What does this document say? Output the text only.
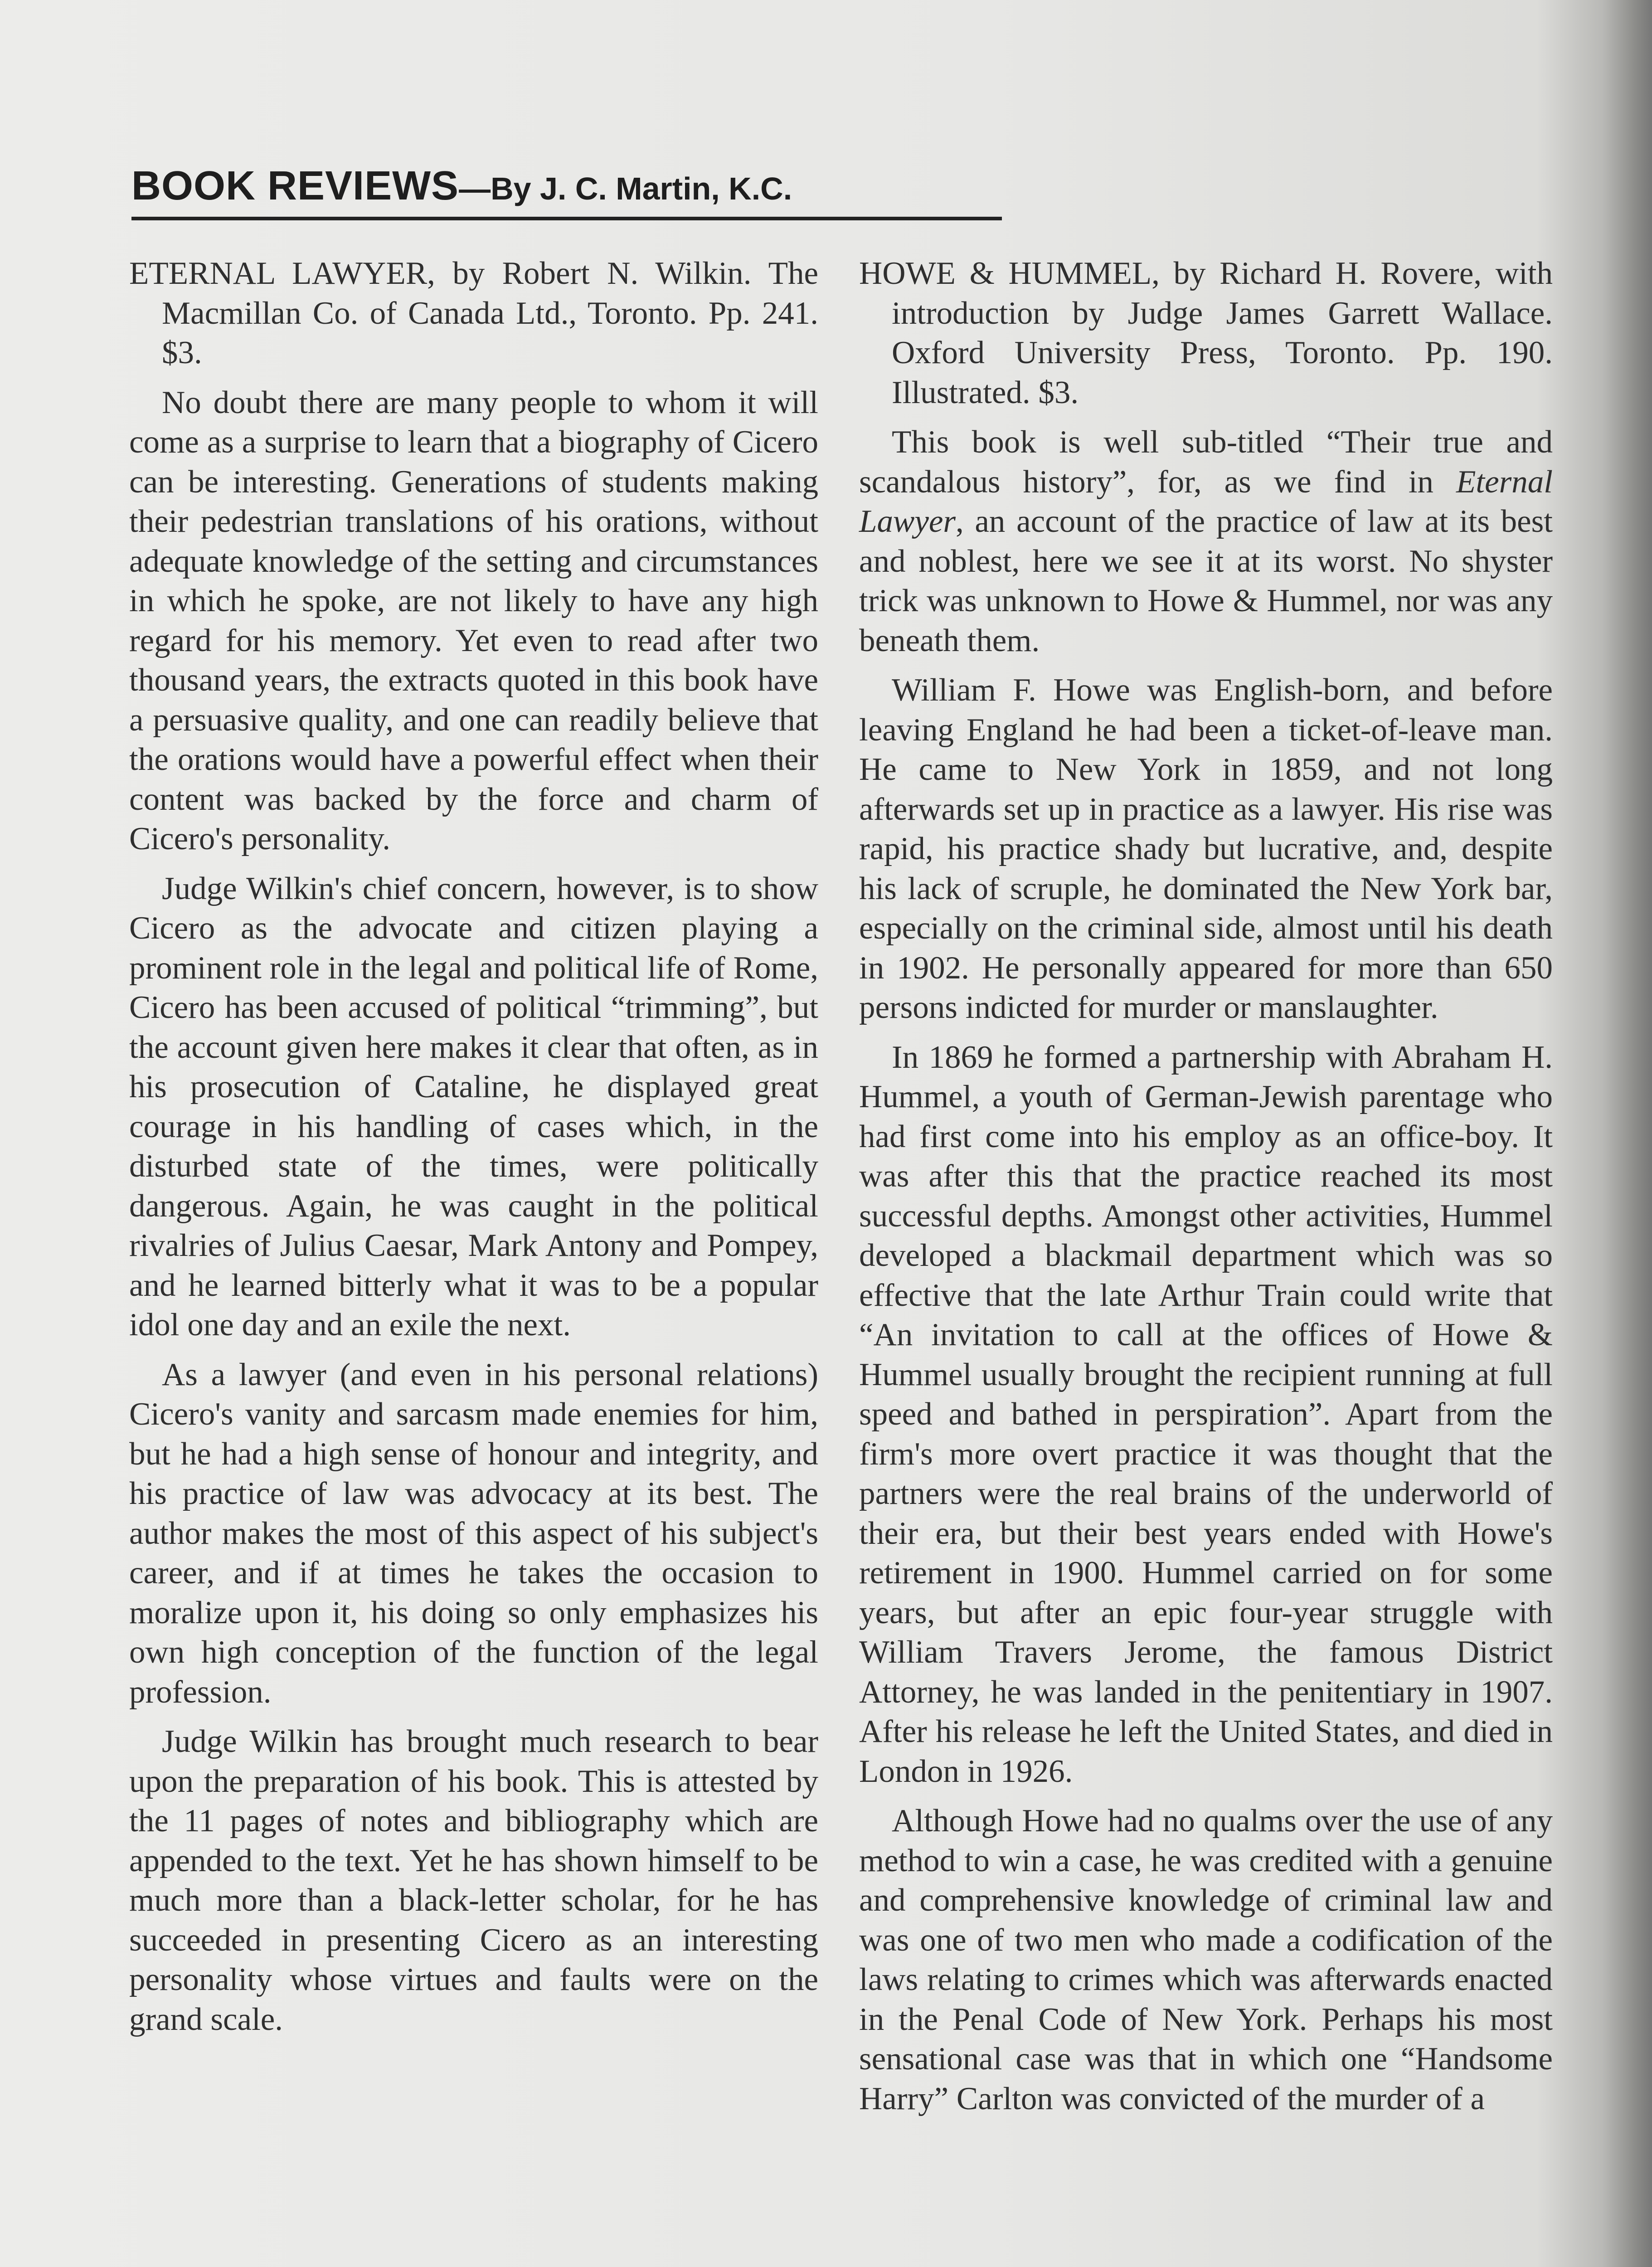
BOOK REVIEWS—By J. C. Martin, K.C.

ETERNAL LAWYER, by Robert N. Wilkin. The Macmillan Co. of Canada Ltd., Toronto. Pp. 241. $3.

No doubt there are many people to whom it will come as a surprise to learn that a biography of Cicero can be interesting. Generations of students making their pedestrian translations of his orations, without adequate knowledge of the setting and circumstances in which he spoke, are not likely to have any high regard for his memory. Yet even to read after two thousand years, the extracts quoted in this book have a persuasive quality, and one can readily believe that the orations would have a powerful effect when their content was backed by the force and charm of Cicero's personality.

Judge Wilkin's chief concern, however, is to show Cicero as the advocate and citizen playing a prominent role in the legal and political life of Rome, Cicero has been accused of political “trimming”, but the account given here makes it clear that often, as in his prosecution of Cataline, he displayed great courage in his handling of cases which, in the disturbed state of the times, were politically dangerous. Again, he was caught in the political rivalries of Julius Caesar, Mark Antony and Pompey, and he learned bitterly what it was to be a popular idol one day and an exile the next.

As a lawyer (and even in his personal relations) Cicero's vanity and sarcasm made enemies for him, but he had a high sense of honour and integrity, and his practice of law was advocacy at its best. The author makes the most of this aspect of his subject's career, and if at times he takes the occasion to moralize upon it, his doing so only emphasizes his own high conception of the function of the legal profession.

Judge Wilkin has brought much research to bear upon the preparation of his book. This is attested by the 11 pages of notes and bibliography which are appended to the text. Yet he has shown himself to be much more than a black-letter scholar, for he has succeeded in presenting Cicero as an interesting personality whose virtues and faults were on the grand scale.

HOWE & HUMMEL, by Richard H. Rovere, with introduction by Judge James Garrett Wallace. Oxford University Press, Toronto. Pp. 190. Illustrated. $3.

This book is well sub-titled “Their true and scandalous history”, for, as we find in Eternal Lawyer, an account of the practice of law at its best and noblest, here we see it at its worst. No shyster trick was unknown to Howe & Hummel, nor was any beneath them.

William F. Howe was English-born, and before leaving England he had been a ticket-of-leave man. He came to New York in 1859, and not long afterwards set up in practice as a lawyer. His rise was rapid, his practice shady but lucrative, and, despite his lack of scruple, he dominated the New York bar, especially on the criminal side, almost until his death in 1902. He personally appeared for more than 650 persons indicted for murder or manslaughter.

In 1869 he formed a partnership with Abraham H. Hummel, a youth of German-Jewish parentage who had first come into his employ as an office-boy. It was after this that the practice reached its most successful depths. Amongst other activities, Hummel developed a blackmail department which was so effective that the late Arthur Train could write that “An invitation to call at the offices of Howe & Hummel usually brought the recipient running at full speed and bathed in perspiration”. Apart from the firm's more overt practice it was thought that the partners were the real brains of the underworld of their era, but their best years ended with Howe's retirement in 1900. Hummel carried on for some years, but after an epic four-year struggle with William Travers Jerome, the famous District Attorney, he was landed in the penitentiary in 1907. After his release he left the United States, and died in London in 1926.

Although Howe had no qualms over the use of any method to win a case, he was credited with a genuine and comprehensive knowledge of criminal law and was one of two men who made a codification of the laws relating to crimes which was afterwards enacted in the Penal Code of New York. Perhaps his most sensational case was that in which one “Handsome Harry” Carlton was convicted of the murder of a
